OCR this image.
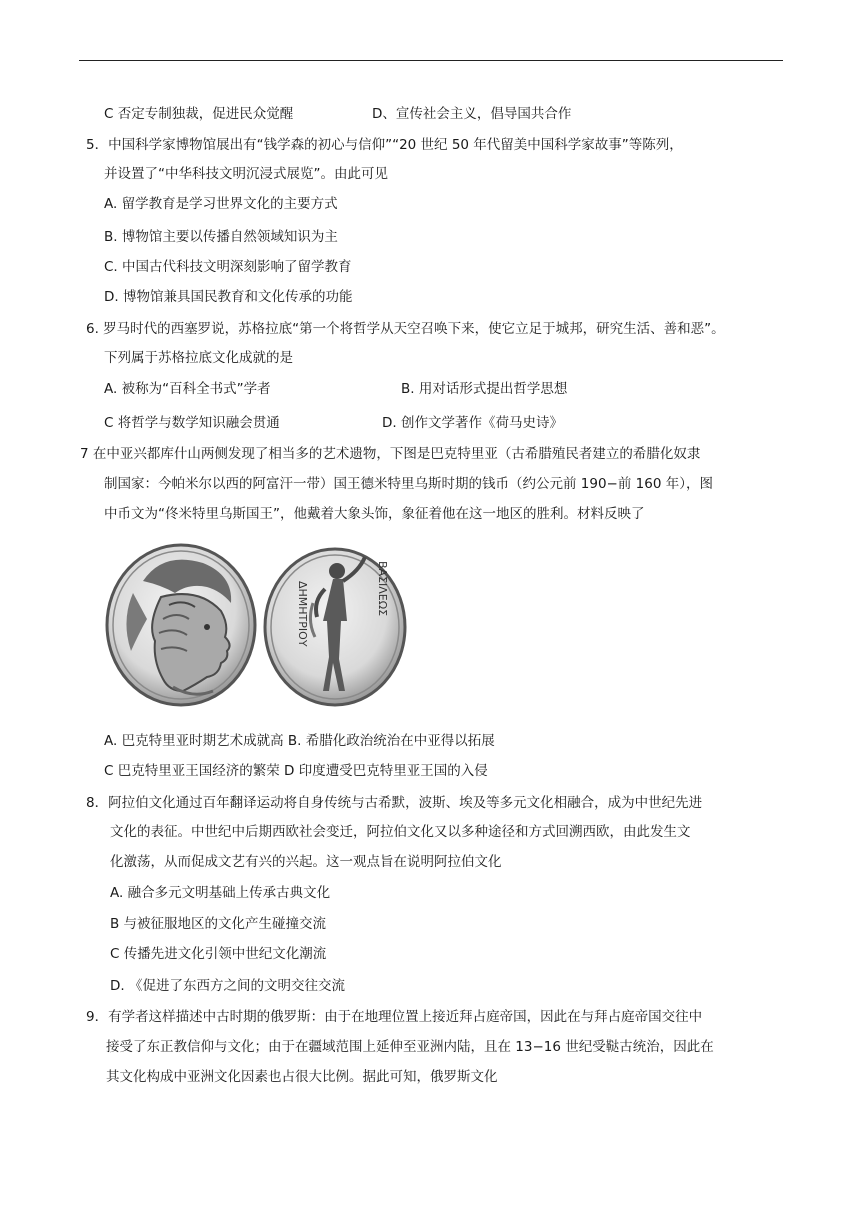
C 否定专制独裁，促进民众觉醒	D、宣传社会主义，倡导国共合作
5．中国科学家博物馆展出有“钱学森的初心与信仰”“20 世纪 50 年代留美中国科学家故事”等陈列，
并设置了“中华科技文明沉浸式展览”。由此可见
A. 留学教育是学习世界文化的主要方式
B. 博物馆主要以传播自然领域知识为主
C. 中国古代科技文明深刻影响了留学教育
D. 博物馆兼具国民教育和文化传承的功能
6. 罗马时代的西塞罗说，苏格拉底“第一个将哲学从天空召唤下来，使它立足于城邦，研究生活、善和恶”。
下列属于苏格拉底文化成就的是
A. 被称为“百科全书式”学者	B. 用对话形式提出哲学思想
C 将哲学与数学知识融会贯通	D. 创作文学著作《荷马史诗》
7 在中亚兴都库什山两侧发现了相当多的艺术遗物，下图是巴克特里亚（古希腊殖民者建立的希腊化奴隶
制国家：今帕米尔以西的阿富汗一带）国王德米特里乌斯时期的钱币（约公元前 190−前 160 年），图
中币文为“佟米特里乌斯国王”，他戴着大象头饰，象征着他在这一地区的胜利。材料反映了
ΔΗΜΗΤΡΙΟΥ	ΒΑΣΙΛΕΩΣ
A. 巴克特里亚时期艺术成就高 B. 希腊化政治统治在中亚得以拓展
C 巴克特里亚王国经济的繁荣 D 印度遭受巴克特里亚王国的入侵
8．阿拉伯文化通过百年翻译运动将自身传统与古希默，波斯、埃及等多元文化相融合，成为中世纪先进
文化的表征。中世纪中后期西欧社会变迁，阿拉伯文化又以多种途径和方式回溯西欧，由此发生文
化激荡，从而促成文艺有兴的兴起。这一观点旨在说明阿拉伯文化
A. 融合多元文明基础上传承古典文化
B 与被征服地区的文化产生碰撞交流
C 传播先进文化引领中世纪文化潮流
D. 《促进了东西方之间的文明交往交流
9．有学者这样描述中古时期的俄罗斯：由于在地理位置上接近拜占庭帝国，因此在与拜占庭帝国交往中
接受了东正教信仰与文化；由于在疆域范围上延伸至亚洲内陆，且在 13−16 世纪受鞑古统治，因此在
其文化构成中亚洲文化因素也占很大比例。据此可知，俄罗斯文化
